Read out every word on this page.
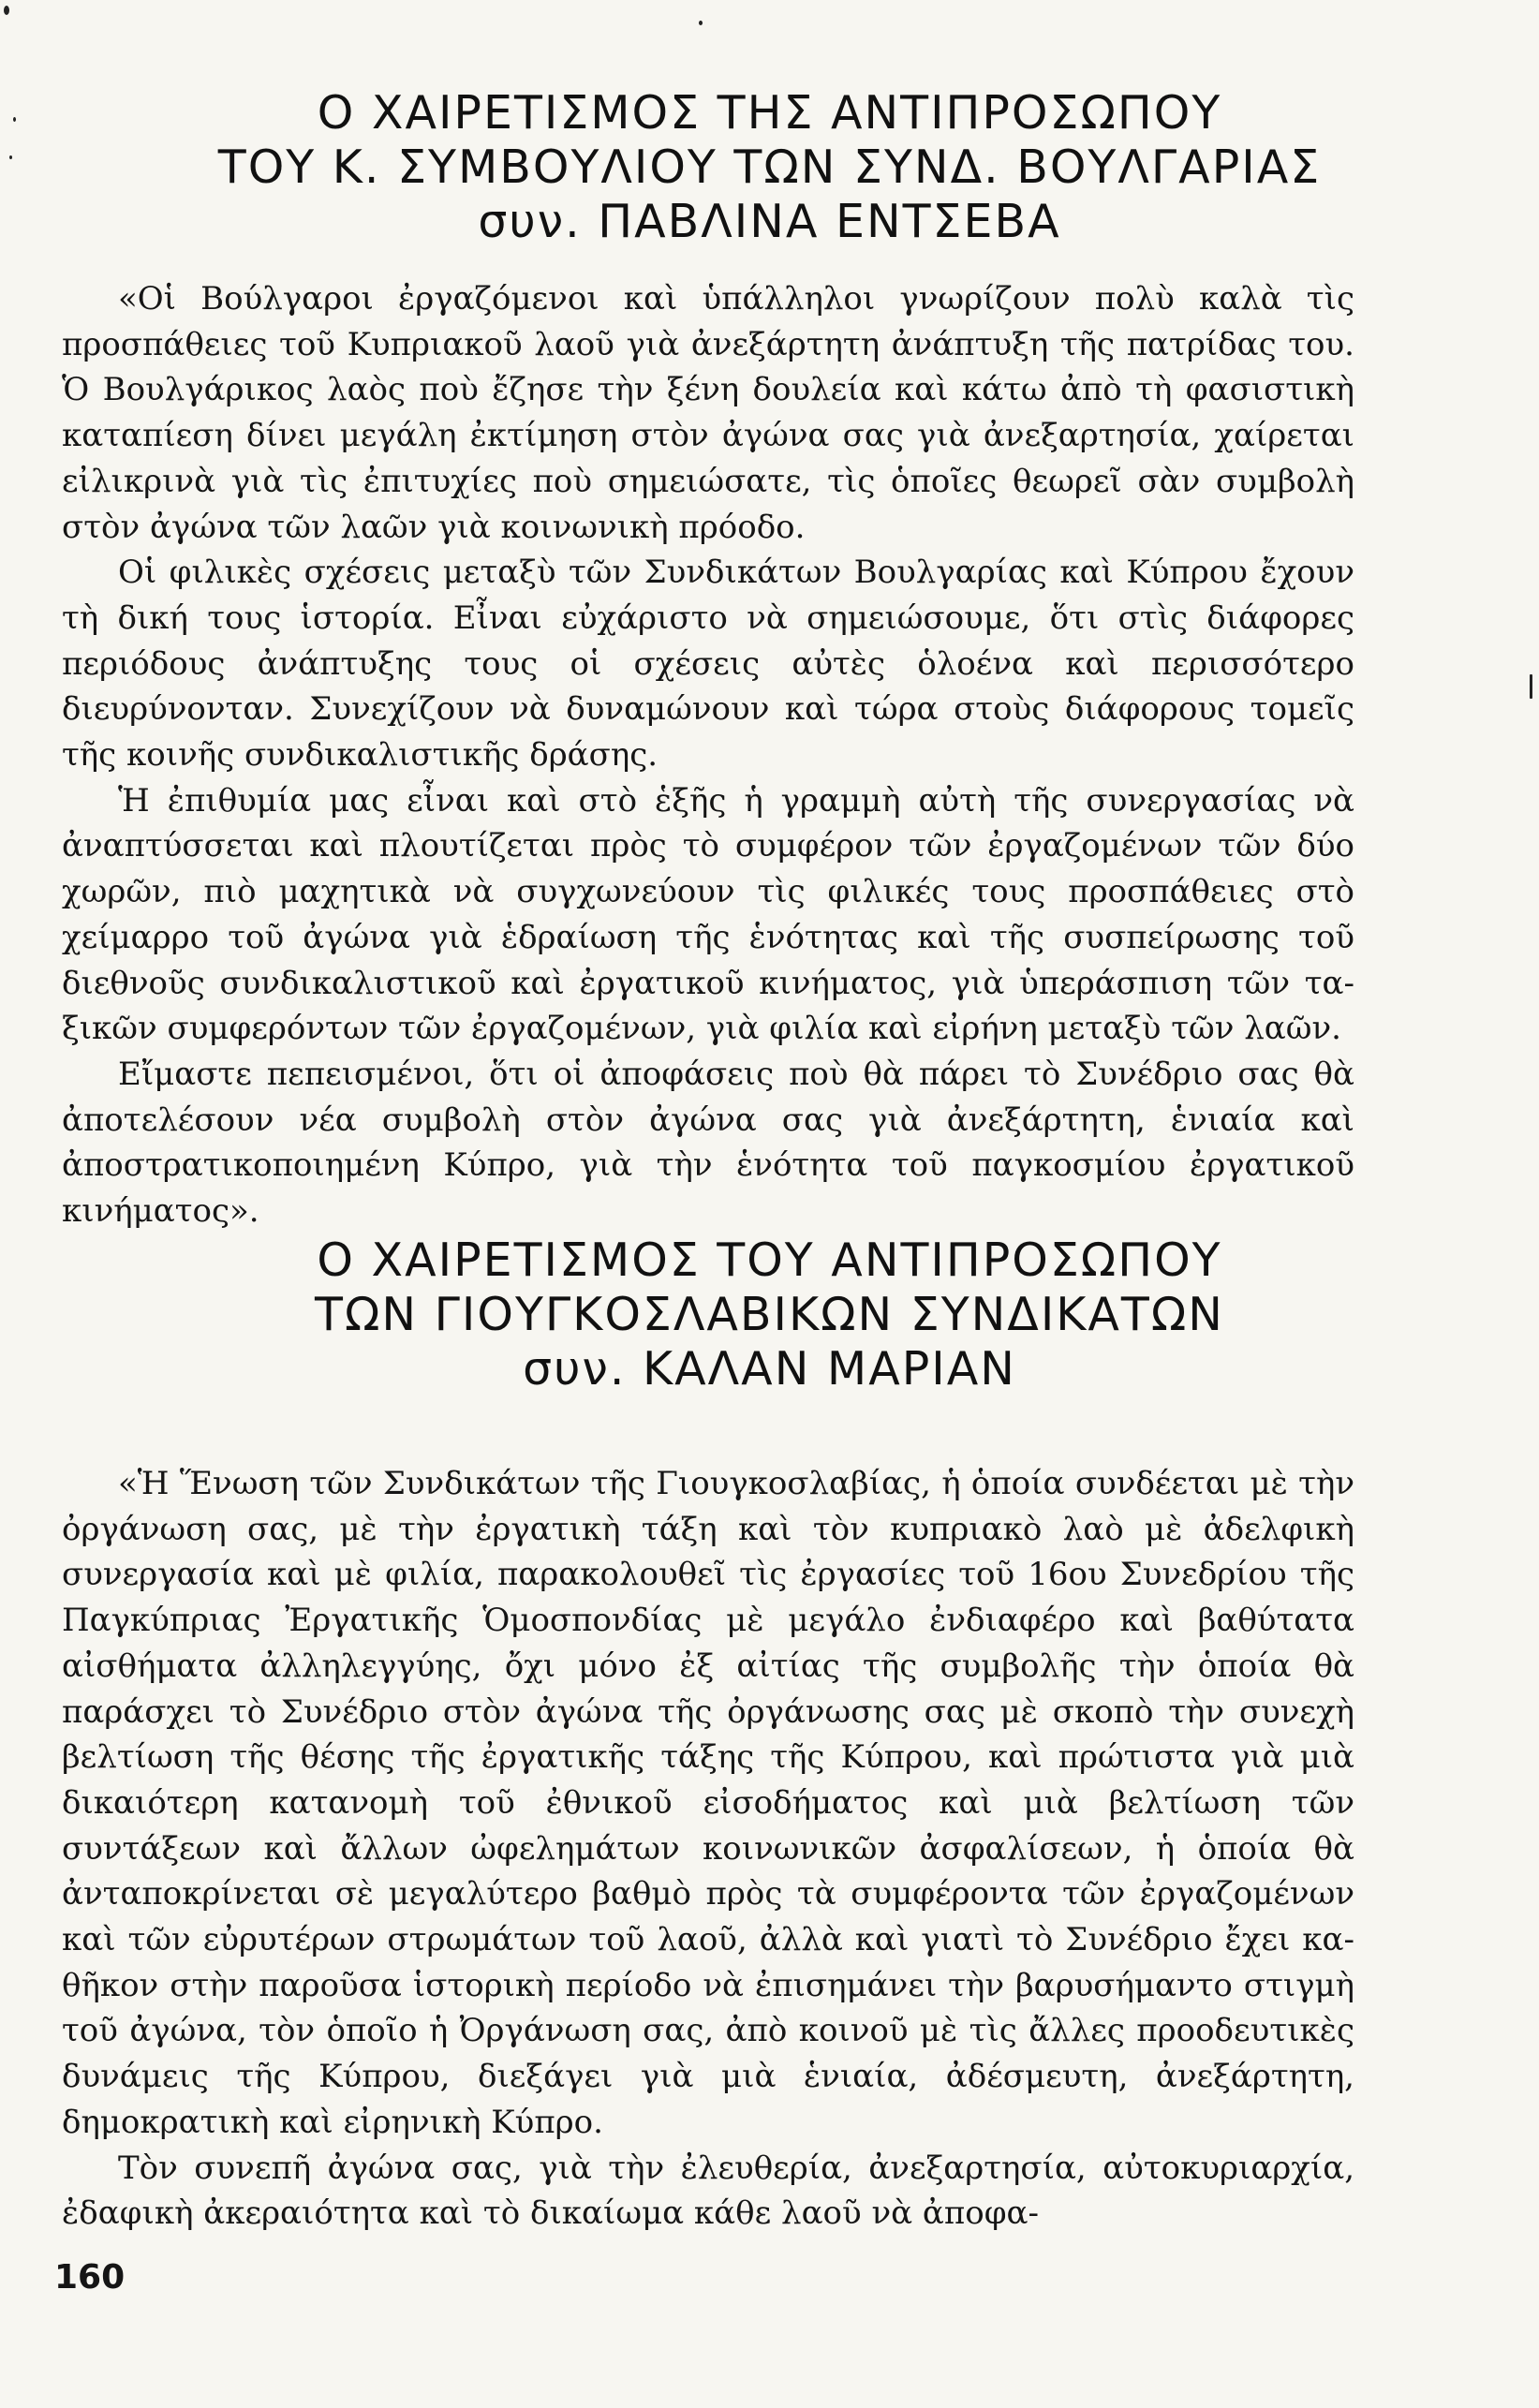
Ο ΧΑΙΡΕΤΙΣΜΟΣ ΤΗΣ ΑΝΤΙΠΡΟΣΩΠΟΥ
ΤΟΥ Κ. ΣΥΜΒΟΥΛΙΟΥ ΤΩΝ ΣΥΝΔ. ΒΟΥΛΓΑΡΙΑΣ
συν. ΠΑΒΛΙΝΑ ΕΝΤΣΕΒΑ

«Οἱ Βούλγαροι ἐργαζόμενοι καὶ ὑπάλληλοι γνωρίζουν πολὺ καλὰ τὶς προσπάθειες τοῦ Κυπριακοῦ λαοῦ γιὰ ἀνεξάρτητη ἀνάπτυξη τῆς πατρίδας του. Ὁ Βουλγάρικος λαὸς ποὺ ἔζησε τὴν ξένη δουλεία καὶ κάτω ἀπὸ τὴ φασιστικὴ καταπίεση δίνει μεγάλη ἐκτίμηση στὸν ἀγώνα σας γιὰ ἀνεξαρτησία, χαίρεται εἰλικρινὰ γιὰ τὶς ἐπιτυχίες ποὺ σημειώσατε, τὶς ὁποῖες θεωρεῖ σὰν συμβολὴ στὸν ἀγώνα τῶν λαῶν γιὰ κοινωνικὴ πρόοδο.

Οἱ φιλικὲς σχέσεις μεταξὺ τῶν Συνδικάτων Βουλγαρίας καὶ Κύπρου ἔχουν τὴ δική τους ἱστορία. Εἶναι εὐχάριστο νὰ σημειώσουμε, ὅτι στὶς διάφορες περιόδους ἀνάπτυξης τους οἱ σχέσεις αὐτὲς ὁλοένα καὶ περισσότερο διευρύνονταν. Συνεχίζουν νὰ δυναμώνουν καὶ τώρα στοὺς διάφορους τομεῖς τῆς κοινῆς συνδικαλιστικῆς δράσης.

Ἡ ἐπιθυμία μας εἶναι καὶ στὸ ἑξῆς ἡ γραμμὴ αὐτὴ τῆς συνεργασίας νὰ ἀναπτύσσεται καὶ πλουτίζεται πρὸς τὸ συμφέρον τῶν ἐργαζομένων τῶν δύο χωρῶν, πιὸ μαχητικὰ νὰ συγχωνεύουν τὶς φιλικές τους προσπάθειες στὸ χείμαρρο τοῦ ἀγώνα γιὰ ἑδραίωση τῆς ἑνότητας καὶ τῆς συσπείρωσης τοῦ διεθνοῦς συνδικαλιστικοῦ καὶ ἐργατικοῦ κινήματος, γιὰ ὑπεράσπιση τῶν ταξικῶν συμφερόντων τῶν ἐργαζομένων, γιὰ φιλία καὶ εἰρήνη μεταξὺ τῶν λαῶν.

Εἴμαστε πεπεισμένοι, ὅτι οἱ ἀποφάσεις ποὺ θὰ πάρει τὸ Συνέδριο σας θὰ ἀποτελέσουν νέα συμβολὴ στὸν ἀγώνα σας γιὰ ἀνεξάρτητη, ἑνιαία καὶ ἀποστρατικοποιημένη Κύπρο, γιὰ τὴν ἑνότητα τοῦ παγκοσμίου ἐργατικοῦ κινήματος».

Ο ΧΑΙΡΕΤΙΣΜΟΣ ΤΟΥ ΑΝΤΙΠΡΟΣΩΠΟΥ
ΤΩΝ ΓΙΟΥΓΚΟΣΛΑΒΙΚΩΝ ΣΥΝΔΙΚΑΤΩΝ
συν. ΚΑΛΑΝ ΜΑΡΙΑΝ

«Ἡ Ἕνωση τῶν Συνδικάτων τῆς Γιουγκοσλαβίας, ἡ ὁποία συνδέεται μὲ τὴν ὀργάνωση σας, μὲ τὴν ἐργατικὴ τάξη καὶ τὸν κυπριακὸ λαὸ μὲ ἀδελφικὴ συνεργασία καὶ μὲ φιλία, παρακολουθεῖ τὶς ἐργασίες τοῦ 16ου Συνεδρίου τῆς Παγκύπριας Ἐργατικῆς Ὁμοσπονδίας μὲ μεγάλο ἐνδιαφέρο καὶ βαθύτατα αἰσθήματα ἀλληλεγγύης, ὄχι μόνο ἐξ αἰτίας τῆς συμβολῆς τὴν ὁποία θὰ παράσχει τὸ Συνέδριο στὸν ἀγώνα τῆς ὀργάνωσης σας μὲ σκοπὸ τὴν συνεχὴ βελτίωση τῆς θέσης τῆς ἐργατικῆς τάξης τῆς Κύπρου, καὶ πρώτιστα γιὰ μιὰ δικαιότερη κατανομὴ τοῦ ἐθνικοῦ εἰσοδήματος καὶ μιὰ βελτίωση τῶν συντάξεων καὶ ἄλλων ὠφελημάτων κοινωνικῶν ἀσφαλίσεων, ἡ ὁποία θὰ ἀνταποκρίνεται σὲ μεγαλύτερο βαθμὸ πρὸς τὰ συμφέροντα τῶν ἐργαζομένων καὶ τῶν εὐρυτέρων στρωμάτων τοῦ λαοῦ, ἀλλὰ καὶ γιατὶ τὸ Συνέδριο ἔχει καθῆκον στὴν παροῦσα ἱστορικὴ περίοδο νὰ ἐπισημάνει τὴν βαρυσήμαντο στιγμὴ τοῦ ἀγώνα, τὸν ὁποῖο ἡ Ὀργάνωση σας, ἀπὸ κοινοῦ μὲ τὶς ἄλλες προοδευτικὲς δυνάμεις τῆς Κύπρου, διεξάγει γιὰ μιὰ ἑνιαία, ἀδέσμευτη, ἀνεξάρτητη, δημοκρατικὴ καὶ εἰρηνικὴ Κύπρο.

Τὸν συνεπῆ ἀγώνα σας, γιὰ τὴν ἐλευθερία, ἀνεξαρτησία, αὐτοκυριαρχία, ἐδαφικὴ ἀκεραιότητα καὶ τὸ δικαίωμα κάθε λαοῦ νὰ ἀποφα-

160
